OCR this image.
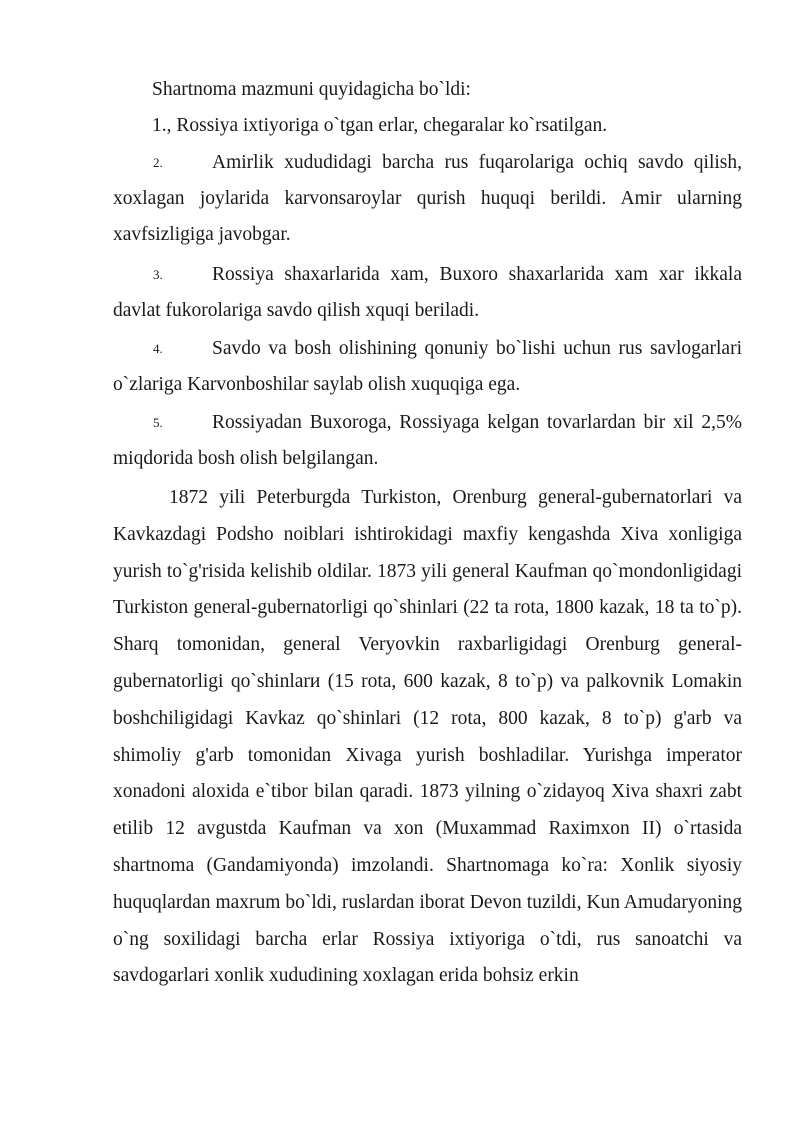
Shartnoma mazmuni quyidagicha bo`ldi:
1., Rossiya ixtiyoriga o`tgan erlar, chegaralar ko`rsatilgan.
2.	Amirlik xududidagi barcha rus fuqarolariga ochiq savdo qilish, xoxlagan joylarida karvonsaroylar qurish huquqi berildi. Amir ularning xavfsizligiga javobgar.
3.	Rossiya shaxarlarida xam, Buxoro shaxarlarida xam xar ikkala davlat fukorolariga savdo qilish xquqi beriladi.
4.	Savdo va bosh olishining qonuniy bo`lishi uchun rus savlogarlari o`zlariga Karvonboshilar saylab olish xuquqiga ega.
5.	Rossiyadan Buxoroga, Rossiyaga kelgan tovarlardan bir xil 2,5% miqdorida bosh olish belgilangan.
1872 yili Peterburgda Turkiston, Orenburg general-gubernatorlari va Kavkazdagi Podsho noiblari ishtirokidagi maxfiy kengashda Xiva xonligiga yurish to`g'risida kelishib oldilar. 1873 yili general Kaufman qo`mondonligidagi Turkiston general-gubernatorligi qo`shinlari (22 ta rota, 1800 kazak, 18 ta to`p). Sharq tomonidan, general Veryovkin raxbarligidagi Orenburg general-gubernatorligi qo`shinlarи (15 rota, 600 kazak, 8 to`p) va palkovnik Lomakin boshchiligidagi Kavkaz qo`shinlari (12 rota, 800 kazak, 8 to`p) g'arb va shimoliy g'arb tomonidan Xivaga yurish boshladilar. Yurishga imperator xonadoni aloxida e`tibor bilan qaradi. 1873 yilning o`zidayoq Xiva shaxri zabt etilib 12 avgustda Kaufman va xon (Muxammad Raximxon II) o`rtasida shartnoma (Gandamiyonda) imzolandi. Shartnomaga ko`ra: Xonlik siyosiy huquqlardan maxrum bo`ldi, ruslardan iborat Devon tuzildi, Kun Amudaryoning o`ng soxilidagi barcha erlar Rossiya ixtiyoriga o`tdi, rus sanoatchi va savdogarlari xonlik xududining xoxlagan erida bohsiz erkin
